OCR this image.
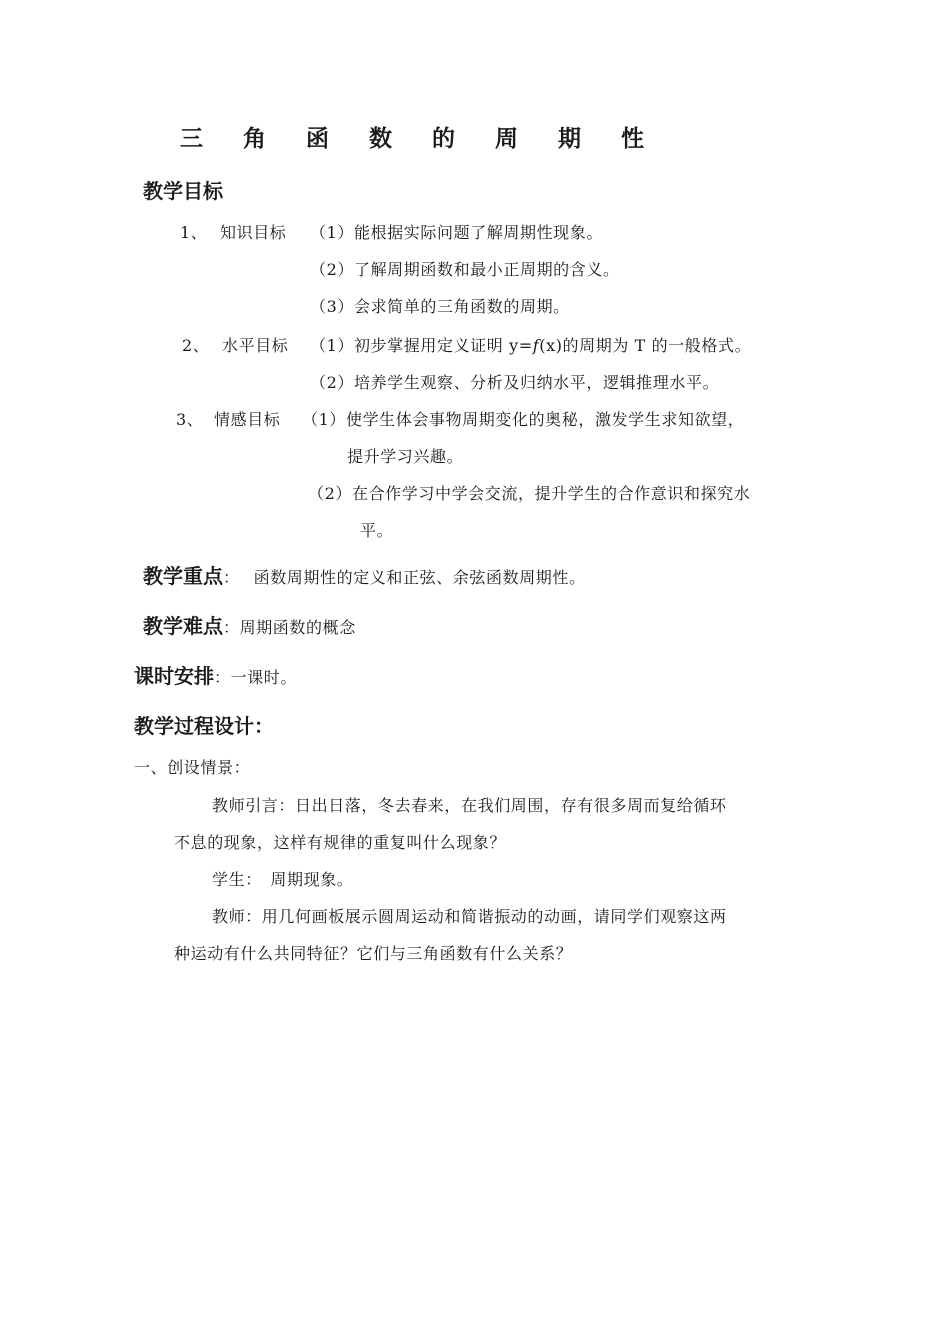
三 角 函 数 的 周 期 性
教学目标
1、 知识目标 （1）能根据实际问题了解周期性现象。
（2）了解周期函数和最小正周期的含义。
（3）会求简单的三角函数的周期。
2、 水平目标 （1）初步掌握用定义证明 y=f(x)的周期为 T 的一般格式。
（2）培养学生观察、分析及归纳水平，逻辑推理水平。
3、 情感目标 （1）使学生体会事物周期变化的奥秘，激发学生求知欲望，
提升学习兴趣。
（2）在合作学习中学会交流，提升学生的合作意识和探究水
平。
教学重点： 函数周期性的定义和正弦、余弦函数周期性。
教学难点：周期函数的概念
课时安排：一课时。
教学过程设计：
一、创设情景：
教师引言：日出日落，冬去春来，在我们周围，存有很多周而复给循环
不息的现象，这样有规律的重复叫什么现象？
学生：　周期现象。
教师：用几何画板展示圆周运动和简谐振动的动画，请同学们观察这两
种运动有什么共同特征？它们与三角函数有什么关系？
